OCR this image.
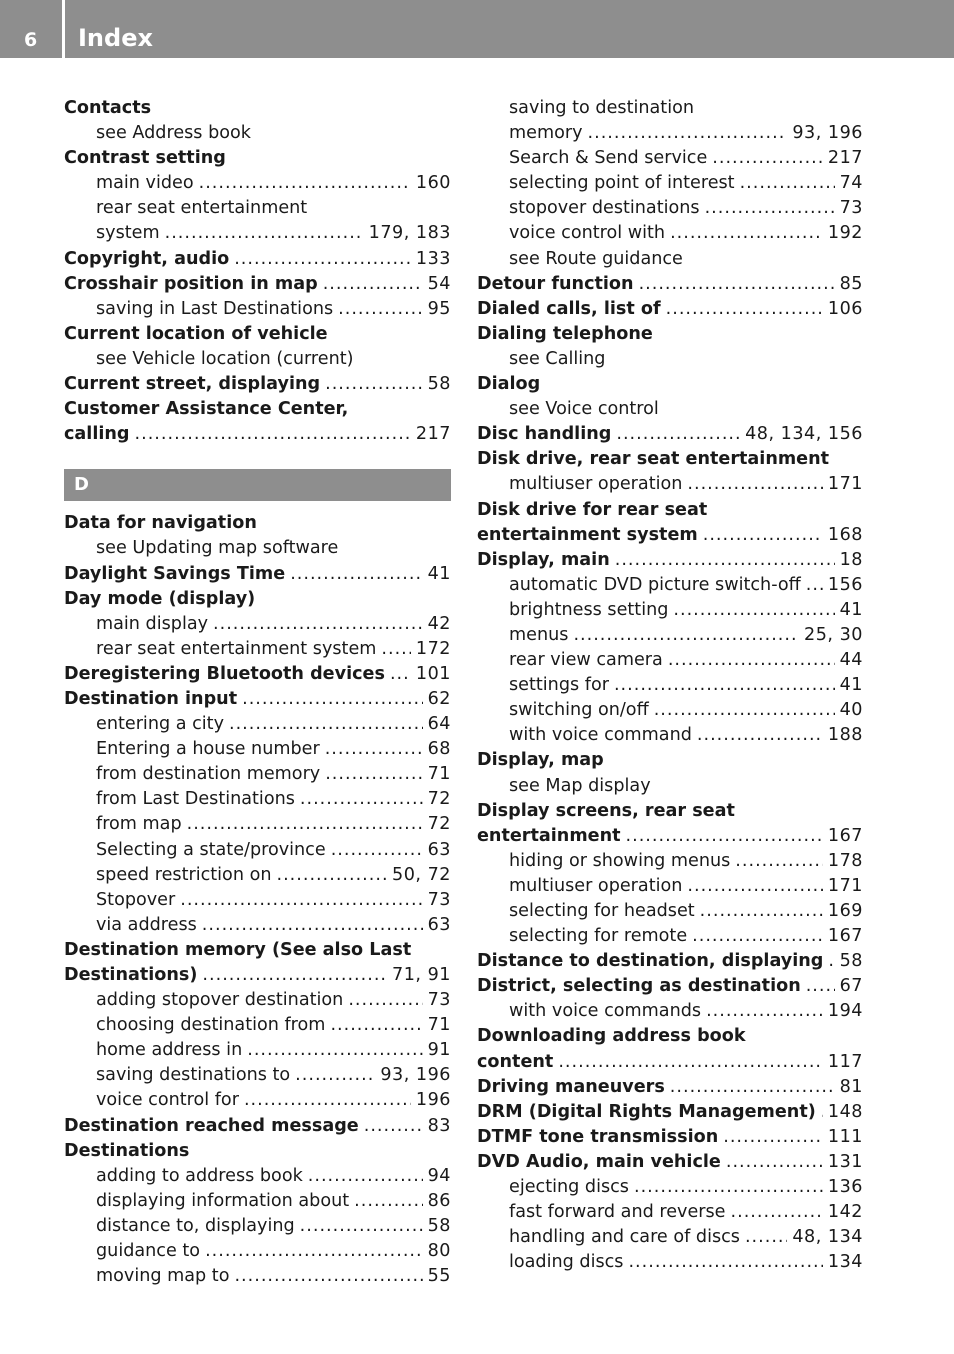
6	Index
Contacts
see Address book
Contrast setting
main video .....	160
rear seat entertainment
system .....	179, 183
Copyright, audio .....	133
Crosshair position in map .....	54
saving in Last Destinations .....	95
Current location of vehicle
see Vehicle location (current)
Current street, displaying .....	58
Customer Assistance Center,
calling .....	217
D
Data for navigation
see Updating map software
Daylight Savings Time .....	41
Day mode (display)
main display .....	42
rear seat entertainment system ..... 172
Deregistering Bluetooth devices ..... 101
Destination input .....	62
entering a city .....	64
Entering a house number .....	68
from destination memory .....	71
from Last Destinations .....	72
from map .....	72
Selecting a state/province .....	63
speed restriction on .....	50, 72
Stopover .....	73
via address .....	63
Destination memory (See also Last
Destinations) .....	71, 91
adding stopover destination .....	73
choosing destination from .....	71
home address in .....	91
saving destinations to .....	93, 196
voice control for .....	196
Destination reached message .....	83
Destinations
adding to address book .....	94
displaying information about .....	86
distance to, displaying .....	58
guidance to .....	80
moving map to .....	55
saving to destination
memory .....	93, 196
Search & Send service .....	217
selecting point of interest .....	74
stopover destinations .....	73
voice control with .....	192
see Route guidance
Detour function .....	85
Dialed calls, list of .....	106
Dialing telephone
see Calling
Dialog
see Voice control
Disc handling .....	48, 134, 156
Disk drive, rear seat entertainment
multiuser operation .....	171
Disk drive for rear seat
entertainment system .....	168
Display, main .....	18
automatic DVD picture switch-off ..... 156
brightness setting .....	41
menus .....	25, 30
rear view camera .....	44
settings for .....	41
switching on/off .....	40
with voice command .....	188
Display, map
see Map display
Display screens, rear seat
entertainment .....	167
hiding or showing menus .....	178
multiuser operation .....	171
selecting for headset .....	169
selecting for remote .....	167
Distance to destination, displaying ..... 58
District, selecting as destination ..... 67
with voice commands .....	194
Downloading address book
content .....	117
Driving maneuvers .....	81
DRM (Digital Rights Management) ..... 148
DTMF tone transmission .....	111
DVD Audio, main vehicle .....	131
ejecting discs .....	136
fast forward and reverse .....	142
handling and care of discs .....	48, 134
loading discs .....	134
